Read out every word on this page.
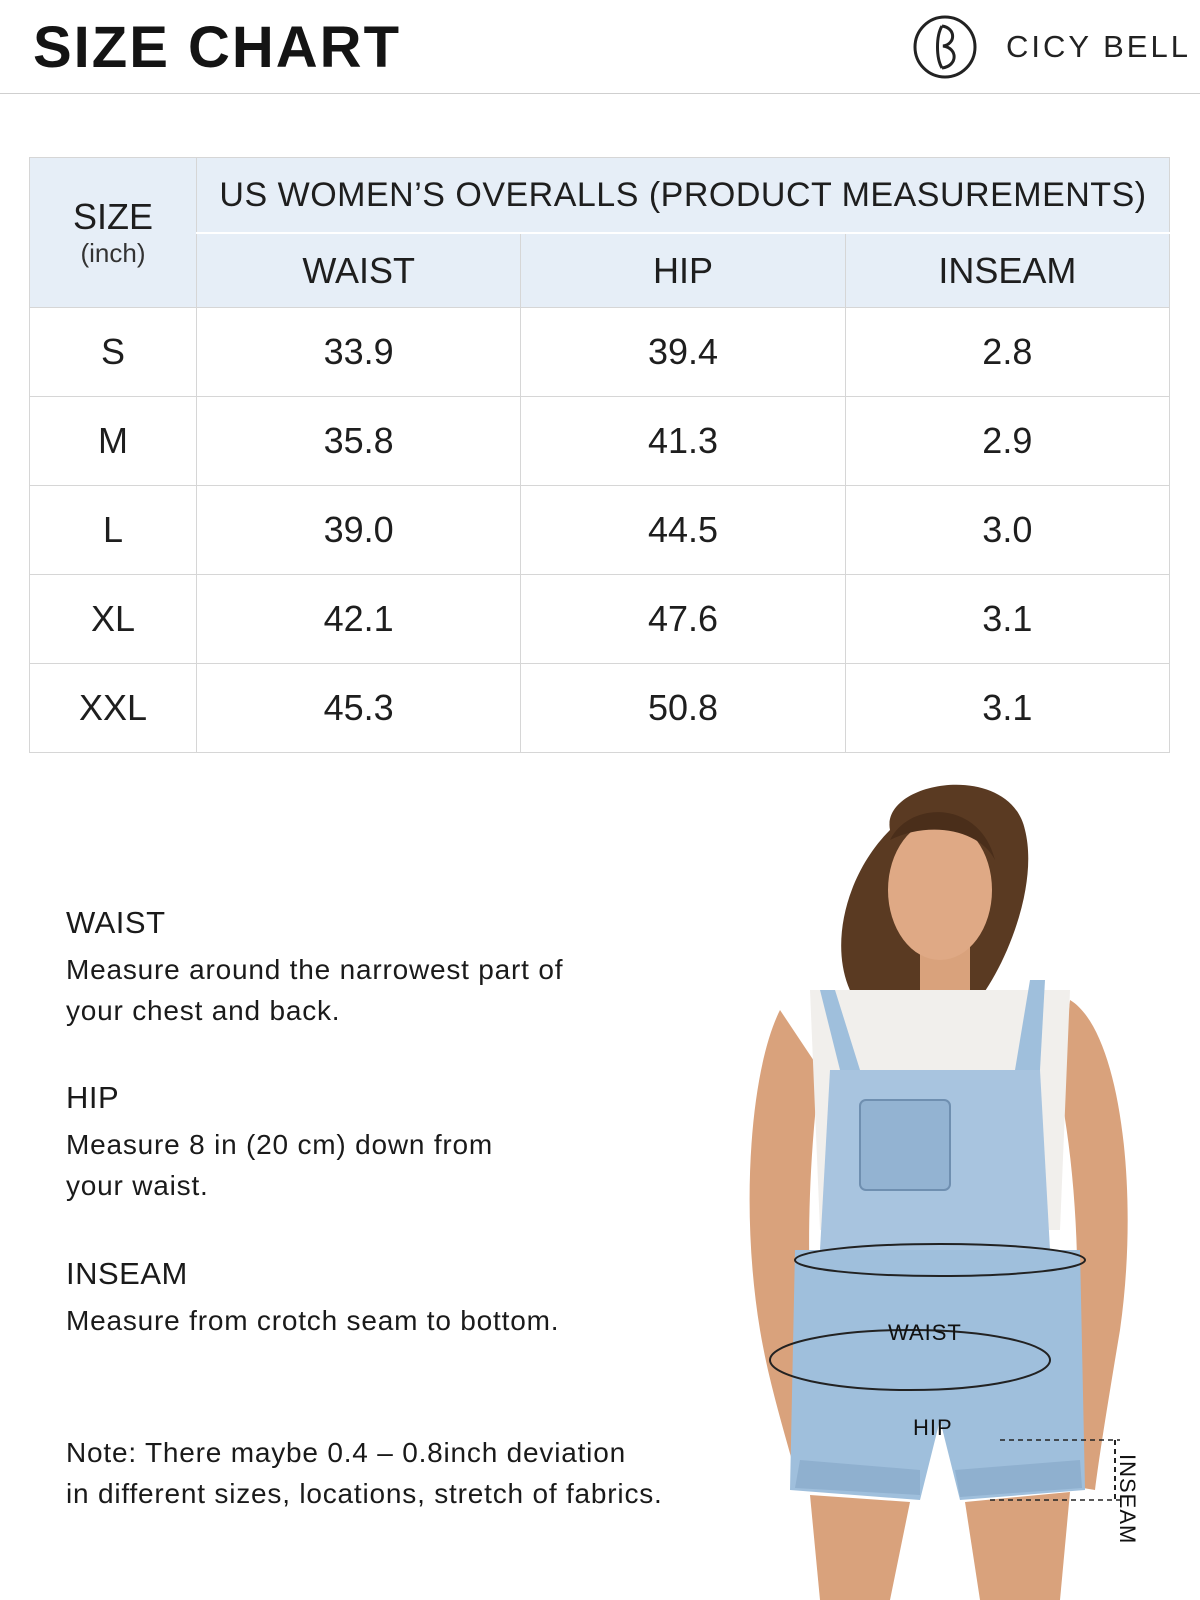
SIZE CHART	CICY BELL
SIZE
(inch)	US WOMEN’S OVERALLS (PRODUCT MEASUREMENTS)		
	WAIST	HIP	INSEAM
S	33.9	39.4	2.8
M	35.8	41.3	2.9
L	39.0	44.5	3.0
XL	42.1	47.6	3.1
XXL	45.3	50.8	3.1
WAIST

Measure around the narrowest part of
your chest and back.

HIP

Measure 8 in (20 cm) down from
your waist.

INSEAM

Measure from crotch seam to bottom.

Note: There maybe 0.4 – 0.8inch deviation
in different sizes, locations, stretch of fabrics.
WAIST
HIP
INSEAM
